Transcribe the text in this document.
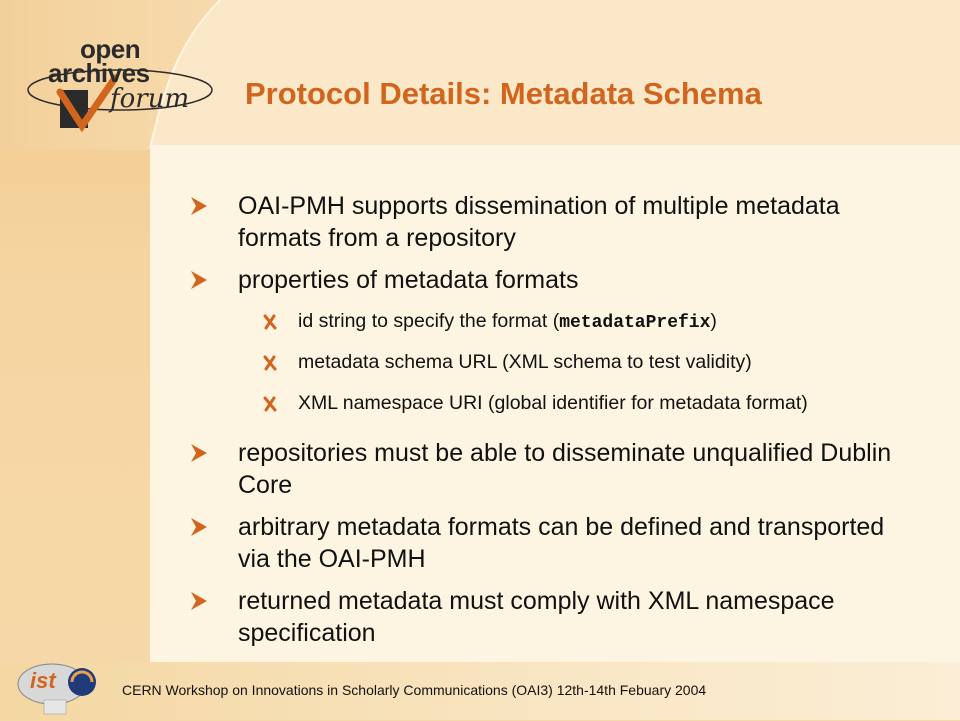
open
archives
forum Protocol Details: Metadata Schema
OAI-PMH supports dissemination of multiple metadata formats from a repository
properties of metadata formats
id string to specify the format (metadataPrefix)
metadata schema URL (XML schema to test validity)
XML namespace URI (global identifier for metadata format)
repositories must be able to disseminate unqualified Dublin Core
arbitrary metadata formats can be defined and transported via the OAI-PMH
returned metadata must comply with XML namespace specification
ist	CERN Workshop on Innovations in Scholarly Communications (OAI3) 12th-14th Febuary 2004
